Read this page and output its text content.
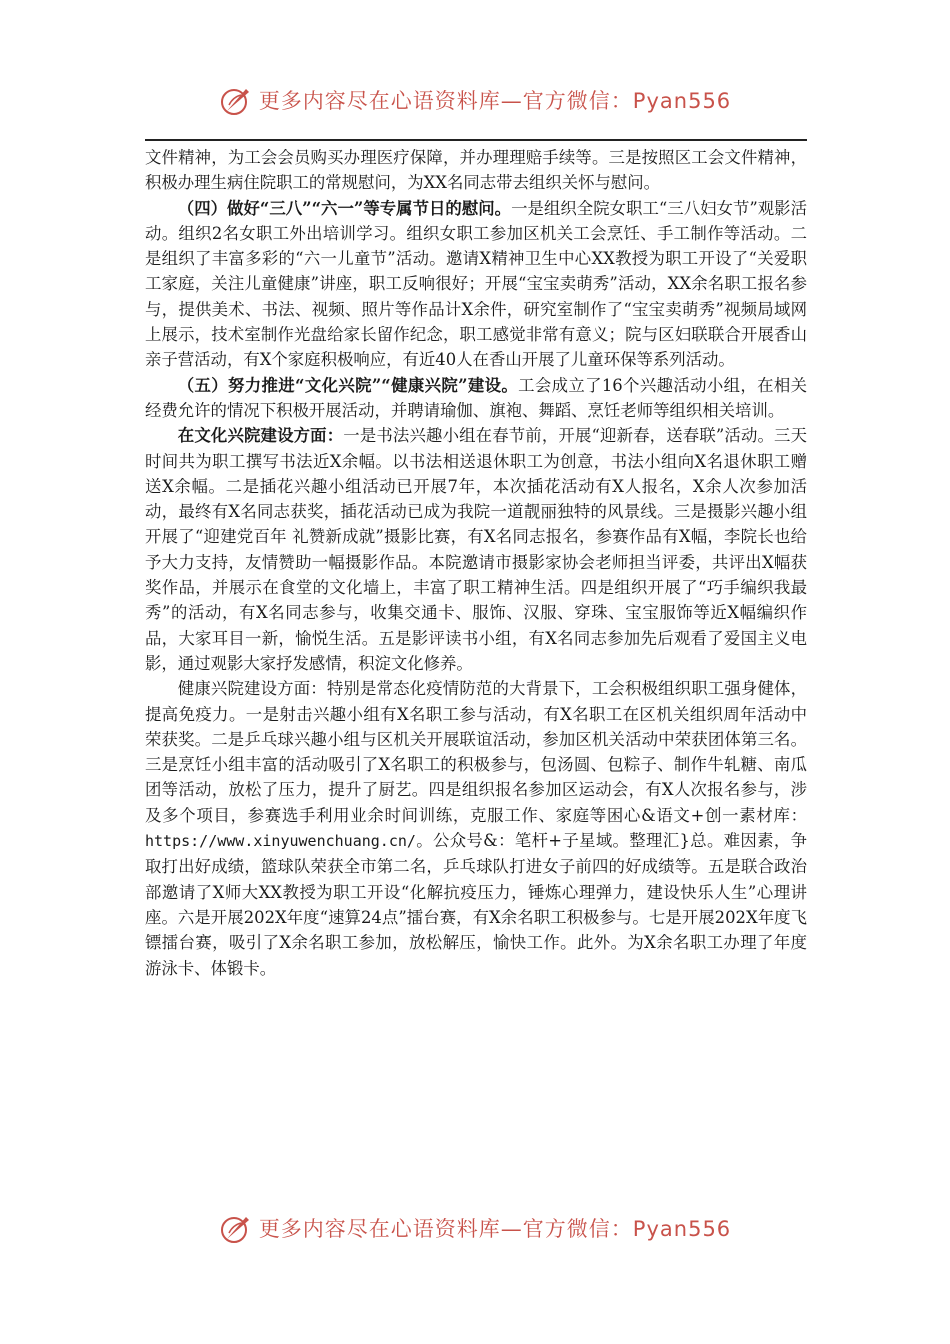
更多内容尽在心语资料库—官方微信：Pyan556

文件精神，为工会会员购买办理医疗保障，并办理理赔手续等。三是按照区工会文件精神，积极办理生病住院职工的常规慰问，为XX名同志带去组织关怀与慰问。

（四）做好“三八”“六一”等专属节日的慰问。一是组织全院女职工“三八妇女节”观影活动。组织2名女职工外出培训学习。组织女职工参加区机关工会烹饪、手工制作等活动。二是组织了丰富多彩的“六一儿童节”活动。邀请X精神卫生中心XX教授为职工开设了“关爱职工家庭，关注儿童健康”讲座，职工反响很好；开展“宝宝卖萌秀”活动，XX余名职工报名参与，提供美术、书法、视频、照片等作品计X余件，研究室制作了“宝宝卖萌秀”视频局域网上展示，技术室制作光盘给家长留作纪念，职工感觉非常有意义；院与区妇联联合开展香山亲子营活动，有X个家庭积极响应，有近40人在香山开展了儿童环保等系列活动。

（五）努力推进“文化兴院”“健康兴院”建设。工会成立了16个兴趣活动小组，在相关经费允许的情况下积极开展活动，并聘请瑜伽、旗袍、舞蹈、烹饪老师等组织相关培训。

在文化兴院建设方面：一是书法兴趣小组在春节前，开展“迎新春，送春联”活动。三天时间共为职工撰写书法近X余幅。以书法相送退休职工为创意，书法小组向X名退休职工赠送X余幅。二是插花兴趣小组活动已开展7年，本次插花活动有X人报名，X余人次参加活动，最终有X名同志获奖，插花活动已成为我院一道靓丽独特的风景线。三是摄影兴趣小组开展了“迎建党百年 礼赞新成就”摄影比赛，有X名同志报名，参赛作品有X幅，李院长也给予大力支持，友情赞助一幅摄影作品。本院邀请市摄影家协会老师担当评委，共评出X幅获奖作品，并展示在食堂的文化墙上，丰富了职工精神生活。四是组织开展了“巧手编织我最秀”的活动，有X名同志参与，收集交通卡、服饰、汉服、穿珠、宝宝服饰等近X幅编织作品，大家耳目一新，愉悦生活。五是影评读书小组，有X名同志参加先后观看了爱国主义电影，通过观影大家抒发感情，积淀文化修养。

健康兴院建设方面：特别是常态化疫情防范的大背景下，工会积极组织职工强身健体，提高免疫力。一是射击兴趣小组有X名职工参与活动，有X名职工在区机关组织周年活动中荣获奖。二是乒乓球兴趣小组与区机关开展联谊活动，参加区机关活动中荣获团体第三名。三是烹饪小组丰富的活动吸引了X名职工的积极参与，包汤圆、包粽子、制作牛轧糖、南瓜团等活动，放松了压力，提升了厨艺。四是组织报名参加区运动会，有X人次报名参与，涉及多个项目，参赛选手利用业余时间训练，克服工作、家庭等困心&语文+创一素材库：https://www.xinyuwenchuang.cn/。公众号&：笔杆+子星域。整理汇}总。难因素，争取打出好成绩，篮球队荣获全市第二名，乒乓球队打进女子前四的好成绩等。五是联合政治部邀请了X师大XX教授为职工开设“化解抗疫压力，锤炼心理弹力，建设快乐人生”心理讲座。六是开展202X年度“速算24点”擂台赛，有X余名职工积极参与。七是开展202X年度飞镖擂台赛，吸引了X余名职工参加，放松解压，愉快工作。此外。为X余名职工办理了年度游泳卡、体锻卡。

更多内容尽在心语资料库—官方微信：Pyan556
